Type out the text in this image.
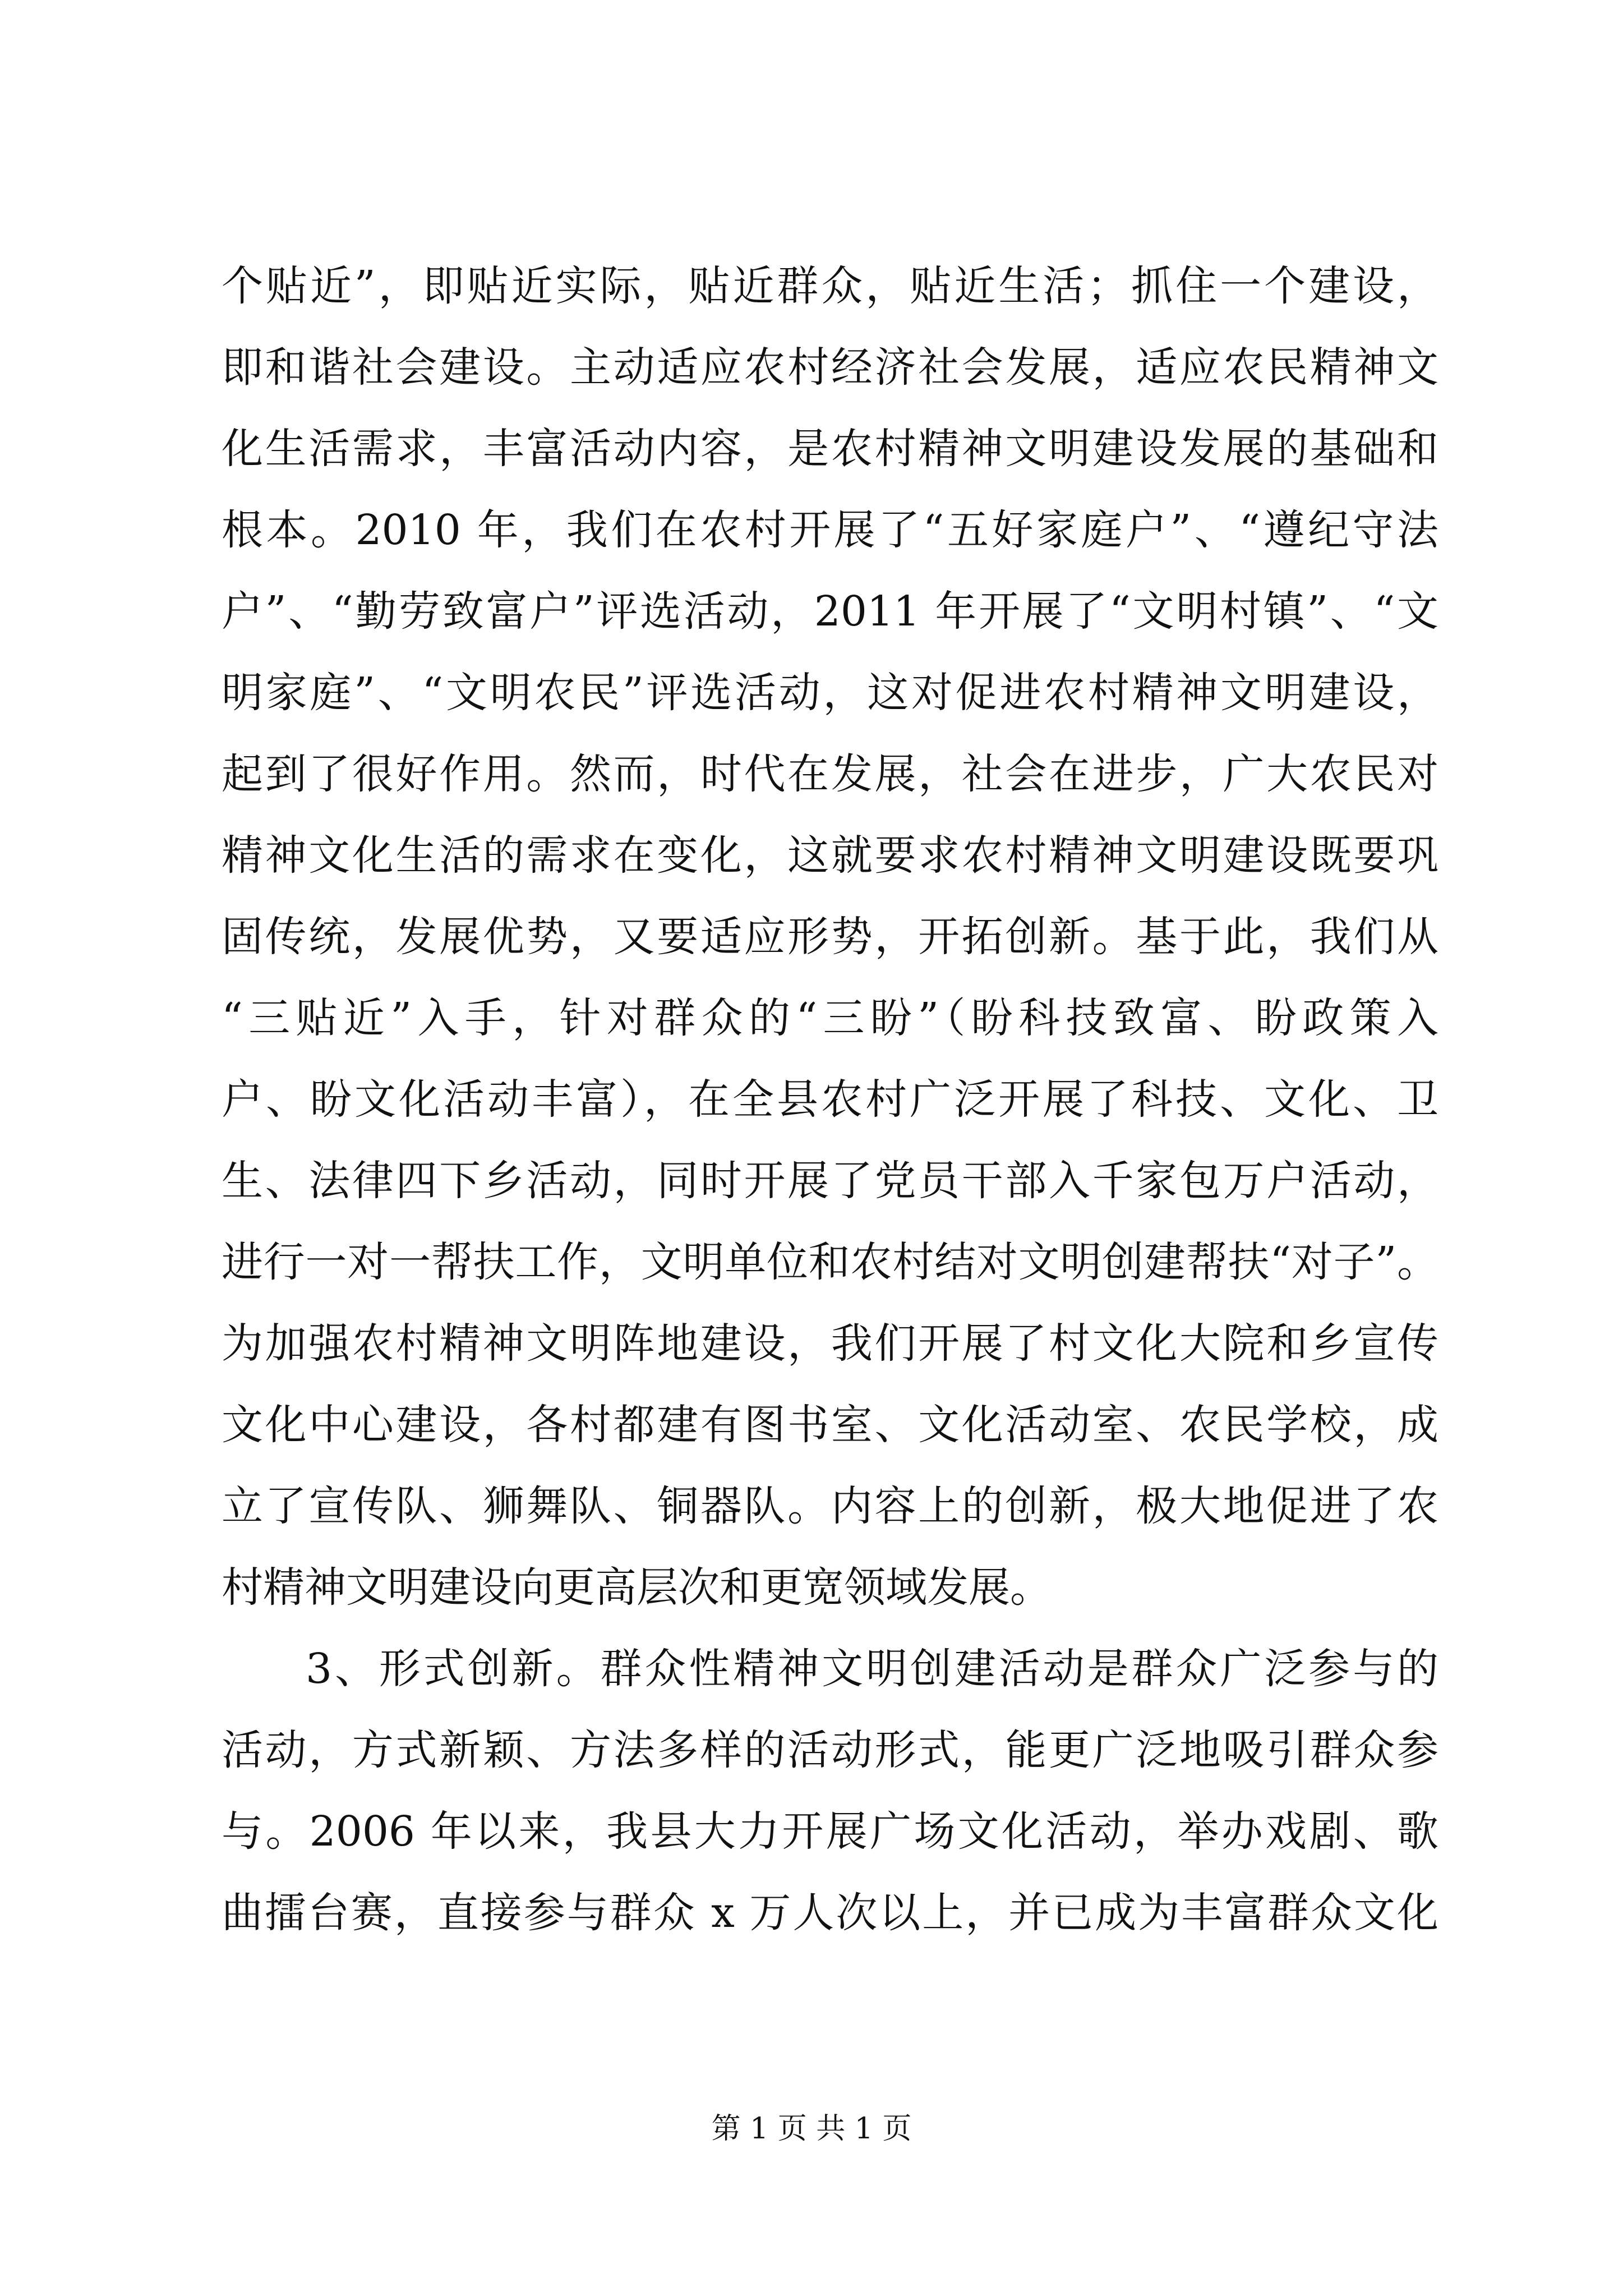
个贴近”，即贴近实际，贴近群众，贴近生活；抓住一个建设，
即和谐社会建设。主动适应农村经济社会发展，适应农民精神文
化生活需求，丰富活动内容，是农村精神文明建设发展的基础和
根本。2010 年，我们在农村开展了“五好家庭户”、“遵纪守法
户”、“勤劳致富户”评选活动，2011 年开展了“文明村镇”、“文
明家庭”、“文明农民”评选活动，这对促进农村精神文明建设，
起到了很好作用。然而，时代在发展，社会在进步，广大农民对
精神文化生活的需求在变化，这就要求农村精神文明建设既要巩
固传统，发展优势，又要适应形势，开拓创新。基于此，我们从
“三贴近”入手，针对群众的“三盼”（盼科技致富、盼政策入
户、盼文化活动丰富），在全县农村广泛开展了科技、文化、卫
生、法律四下乡活动，同时开展了党员干部入千家包万户活动，
进行一对一帮扶工作，文明单位和农村结对文明创建帮扶“对子”。
为加强农村精神文明阵地建设，我们开展了村文化大院和乡宣传
文化中心建设，各村都建有图书室、文化活动室、农民学校，成
立了宣传队、狮舞队、铜器队。内容上的创新，极大地促进了农
村精神文明建设向更高层次和更宽领域发展。
3、形式创新。群众性精神文明创建活动是群众广泛参与的
活动，方式新颖、方法多样的活动形式，能更广泛地吸引群众参
与。2006 年以来，我县大力开展广场文化活动，举办戏剧、歌
曲擂台赛，直接参与群众 x 万人次以上，并已成为丰富群众文化
第 1 页 共 1 页
